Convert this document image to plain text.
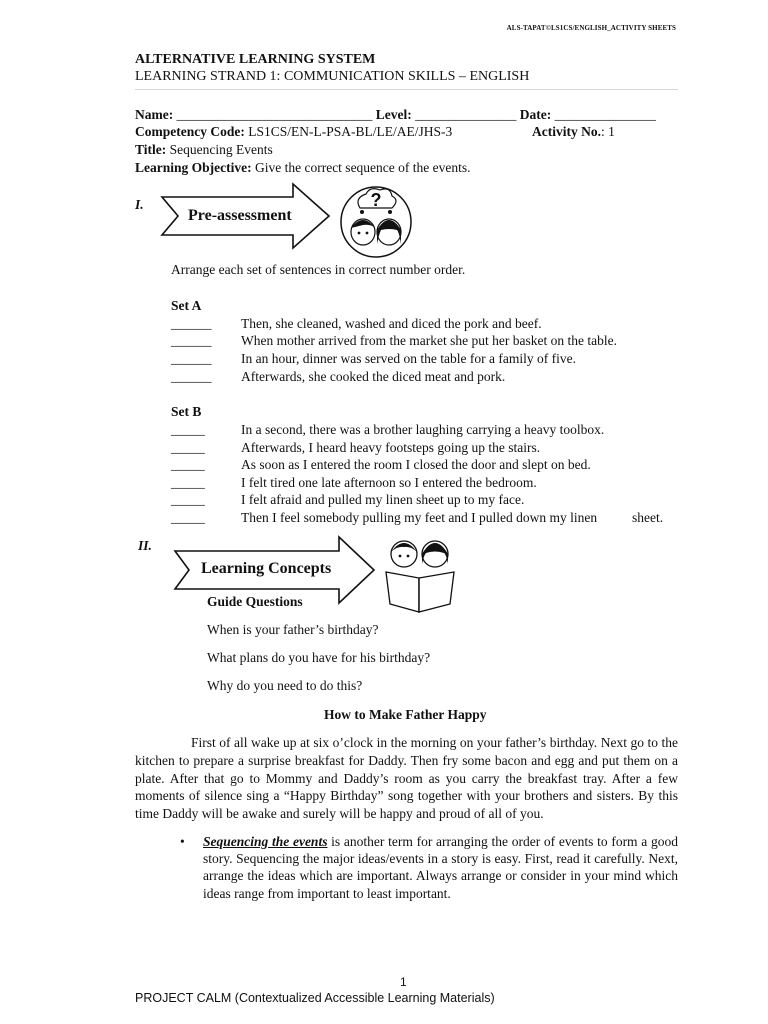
ALS-TAPAT©LS1CS/ENGLISH_ACTIVITY SHEETS
ALTERNATIVE LEARNING SYSTEM
LEARNING STRAND 1: COMMUNICATION SKILLS – ENGLISH
Name: _____________________________ Level: _______________ Date: _______________
Competency Code: LS1CS/EN-L-PSA-BL/LE/AE/JHS-3	Activity No.: 1
Title: Sequencing Events
Learning Objective: Give the correct sequence of the events.
I.
Pre-assessment
?
Arrange each set of sentences in correct number order.
Set A
______ Then, she cleaned, washed and diced the pork and beef.
______ When mother arrived from the market she put her basket on the table.
______ In an hour, dinner was served on the table for a family of five.
______ Afterwards, she cooked the diced meat and pork.
Set B
_____	In a second, there was a brother laughing carrying a heavy toolbox.
_____	Afterwards, I heard heavy footsteps going up the stairs.
_____	As soon as I entered the room I closed the door and slept on bed.
_____	I felt tired one late afternoon so I entered the bedroom.
_____	I felt afraid and pulled my linen sheet up to my face.
_____	Then I feel somebody pulling my feet and I pulled down my linen	sheet.
II.
Learning Concepts
Guide Questions
When is your father’s birthday?
What plans do you have for his birthday?
Why do you need to do this?
How to Make Father Happy
First of all wake up at six o’clock in the morning on your father’s birthday. Next go to the kitchen to prepare a surprise breakfast for Daddy. Then fry some bacon and egg and put them on a plate. After that go to Mommy and Daddy’s room as you carry the breakfast tray. After a few moments of silence sing a “Happy Birthday” song together with your brothers and sisters. By this time Daddy will be awake and surely will be happy and proud of all of you.
• Sequencing the events is another term for arranging the order of events to form a good story. Sequencing the major ideas/events in a story is easy. First, read it carefully. Next, arrange the ideas which are important. Always arrange or consider in your mind which ideas range from important to least important.
1
PROJECT CALM (Contextualized Accessible Learning Materials)
